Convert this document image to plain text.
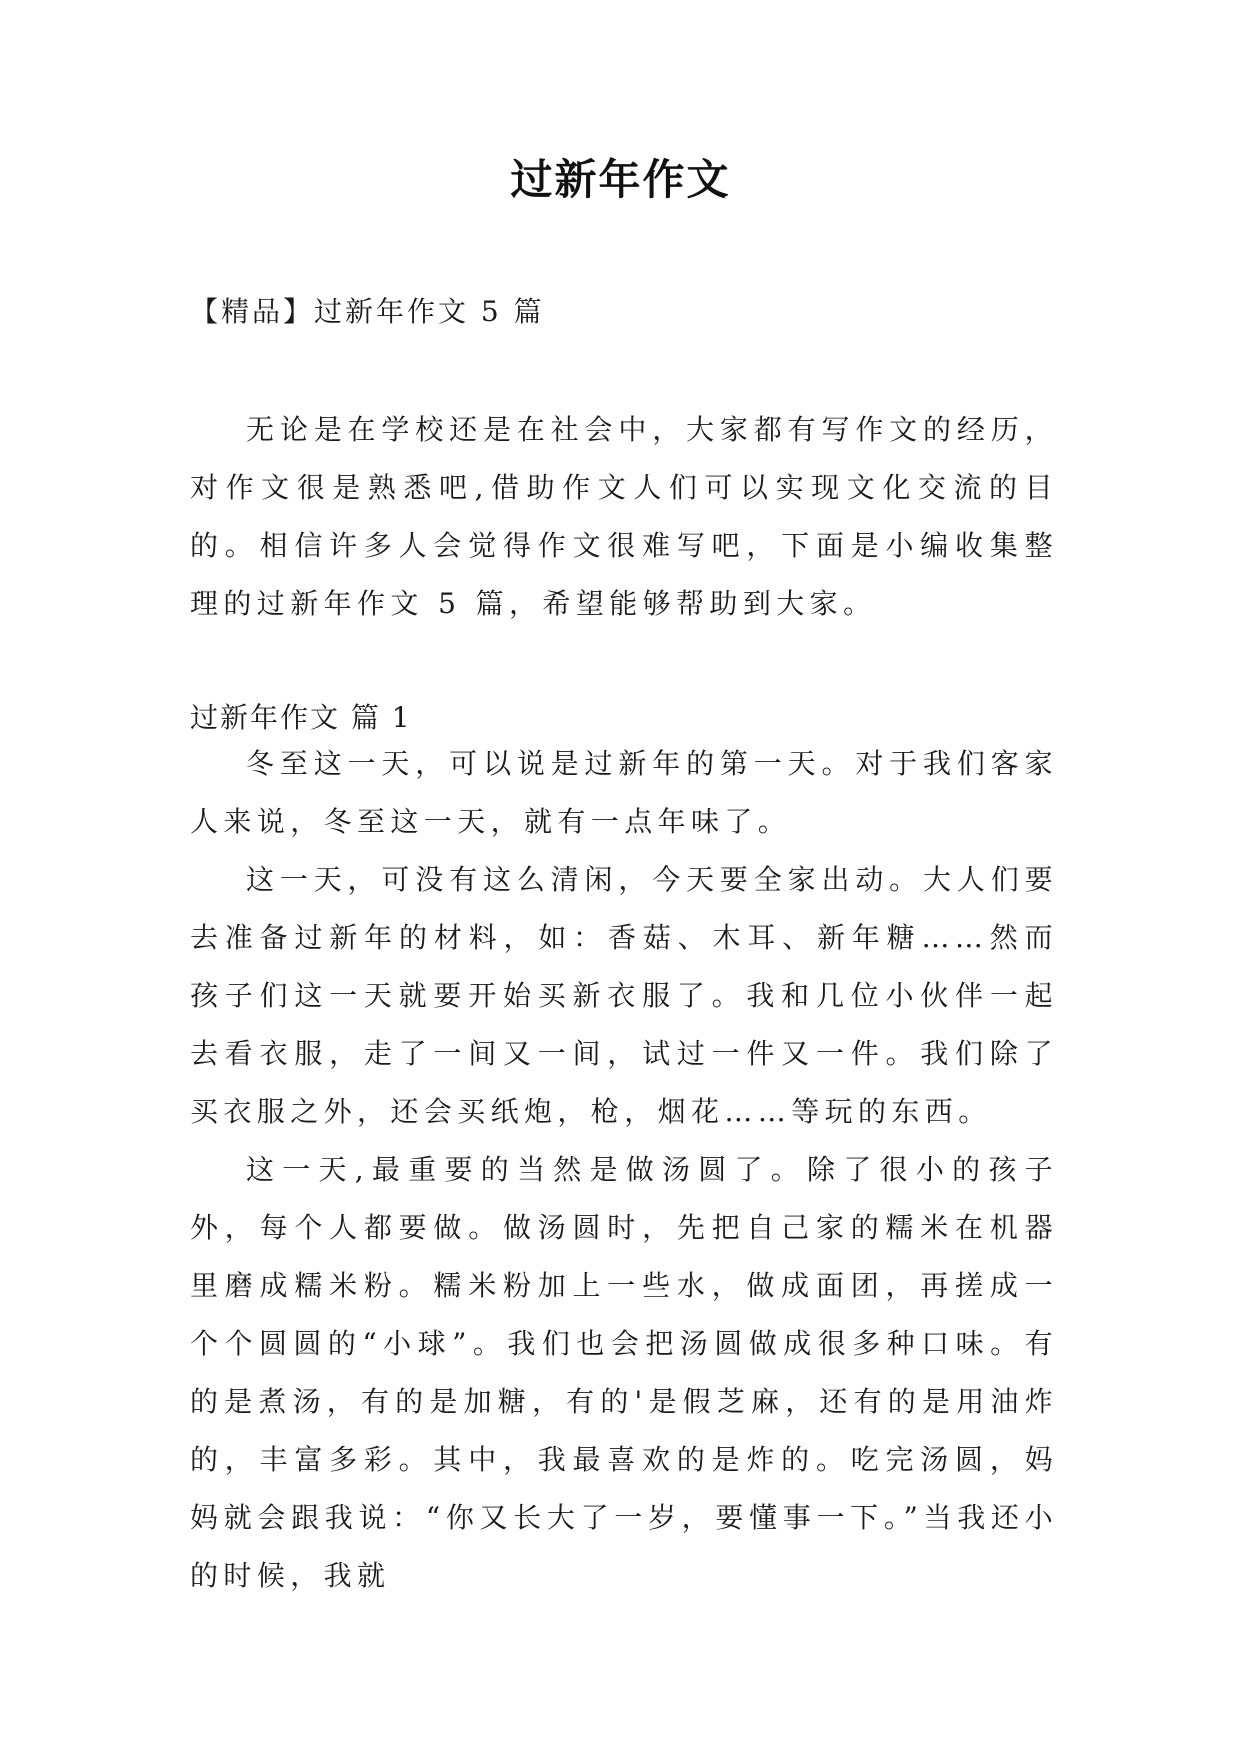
过新年作文
【精品】过新年作文 5 篇

无论是在学校还是在社会中，大家都有写作文的经历，对作文很是熟悉吧,借助作文人们可以实现文化交流的目的。相信许多人会觉得作文很难写吧，下面是小编收集整理的过新年作文 5 篇，希望能够帮助到大家。

过新年作文 篇 1

冬至这一天，可以说是过新年的第一天。对于我们客家人来说，冬至这一天，就有一点年味了。

这一天，可没有这么清闲，今天要全家出动。大人们要去准备过新年的材料，如：香菇、木耳、新年糖……然而孩子们这一天就要开始买新衣服了。我和几位小伙伴一起去看衣服，走了一间又一间，试过一件又一件。我们除了买衣服之外，还会买纸炮，枪，烟花……等玩的东西。

这一天,最重要的当然是做汤圆了。除了很小的孩子外，每个人都要做。做汤圆时，先把自己家的糯米在机器里磨成糯米粉。糯米粉加上一些水，做成面团，再搓成一个个圆圆的“小球”。我们也会把汤圆做成很多种口味。有的是煮汤，有的是加糖，有的'是假芝麻，还有的是用油炸的，丰富多彩。其中，我最喜欢的是炸的。吃完汤圆，妈妈就会跟我说：“你又长大了一岁，要懂事一下。”当我还小的时候，我就
